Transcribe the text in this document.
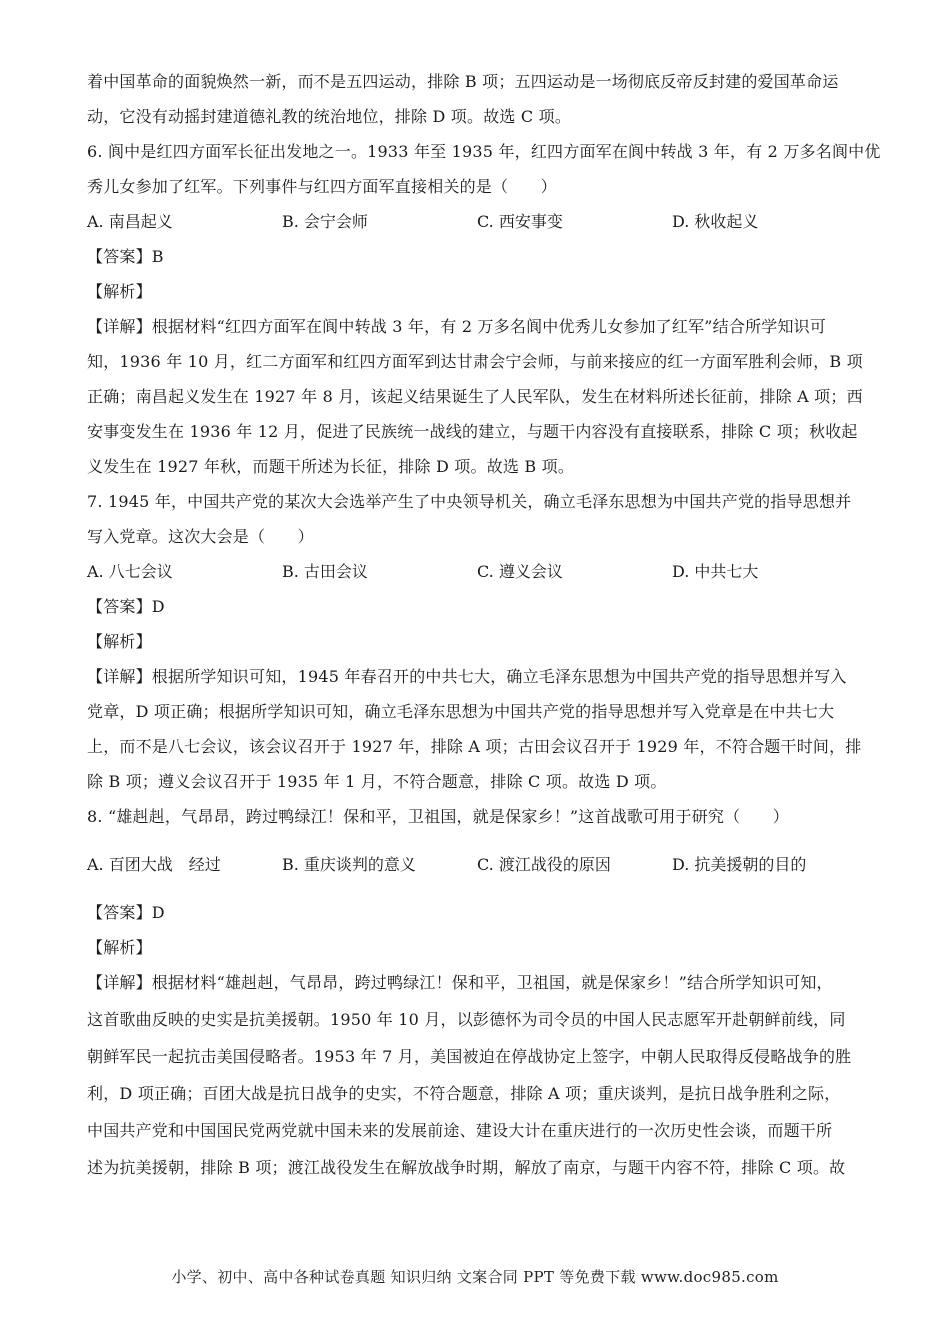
着中国革命的面貌焕然一新，而不是五四运动，排除 B 项；五四运动是一场彻底反帝反封建的爱国革命运

动，它没有动摇封建道德礼教的统治地位，排除 D 项。故选 C 项。

6. 阆中是红四方面军长征出发地之一。1933 年至 1935 年，红四方面军在阆中转战 3 年，有 2 万多名阆中优

秀儿女参加了红军。下列事件与红四方面军直接相关的是（　　）

A. 南昌起义	B. 会宁会师	C. 西安事变	D. 秋收起义

【答案】B

【解析】

【详解】根据材料“红四方面军在阆中转战 3 年，有 2 万多名阆中优秀儿女参加了红军”结合所学知识可

知，1936 年 10 月，红二方面军和红四方面军到达甘肃会宁会师，与前来接应的红一方面军胜利会师，B 项

正确；南昌起义发生在 1927 年 8 月，该起义结果诞生了人民军队，发生在材料所述长征前，排除 A 项；西

安事变发生在 1936 年 12 月，促进了民族统一战线的建立，与题干内容没有直接联系，排除 C 项；秋收起

义发生在 1927 年秋，而题干所述为长征，排除 D 项。故选 B 项。

7. 1945 年，中国共产党的某次大会选举产生了中央领导机关，确立毛泽东思想为中国共产党的指导思想并

写入党章。这次大会是（　　）

A. 八七会议	B. 古田会议	C. 遵义会议	D. 中共七大

【答案】D

【解析】

【详解】根据所学知识可知，1945 年春召开的中共七大，确立毛泽东思想为中国共产党的指导思想并写入

党章，D 项正确；根据所学知识可知，确立毛泽东思想为中国共产党的指导思想并写入党章是在中共七大

上，而不是八七会议，该会议召开于 1927 年，排除 A 项；古田会议召开于 1929 年，不符合题干时间，排

除 B 项；遵义会议召开于 1935 年 1 月，不符合题意，排除 C 项。故选 D 项。

8. “雄赳赳，气昂昂，跨过鸭绿江！保和平，卫祖国，就是保家乡！”这首战歌可用于研究（　　）

A. 百团大战　经过	B. 重庆谈判的意义	C. 渡江战役的原因	D. 抗美援朝的目的

【答案】D

【解析】

【详解】根据材料“雄赳赳，气昂昂，跨过鸭绿江！保和平，卫祖国，就是保家乡！”结合所学知识可知，

这首歌曲反映的史实是抗美援朝。1950 年 10 月，以彭德怀为司令员的中国人民志愿军开赴朝鲜前线，同

朝鲜军民一起抗击美国侵略者。1953 年 7 月，美国被迫在停战协定上签字，中朝人民取得反侵略战争的胜

利，D 项正确；百团大战是抗日战争的史实，不符合题意，排除 A 项；重庆谈判，是抗日战争胜利之际，

中国共产党和中国国民党两党就中国未来的发展前途、建设大计在重庆进行的一次历史性会谈，而题干所

述为抗美援朝，排除 B 项；渡江战役发生在解放战争时期，解放了南京，与题干内容不符，排除 C 项。故

小学、初中、高中各种试卷真题 知识归纳 文案合同 PPT 等免费下载 www.doc985.com
